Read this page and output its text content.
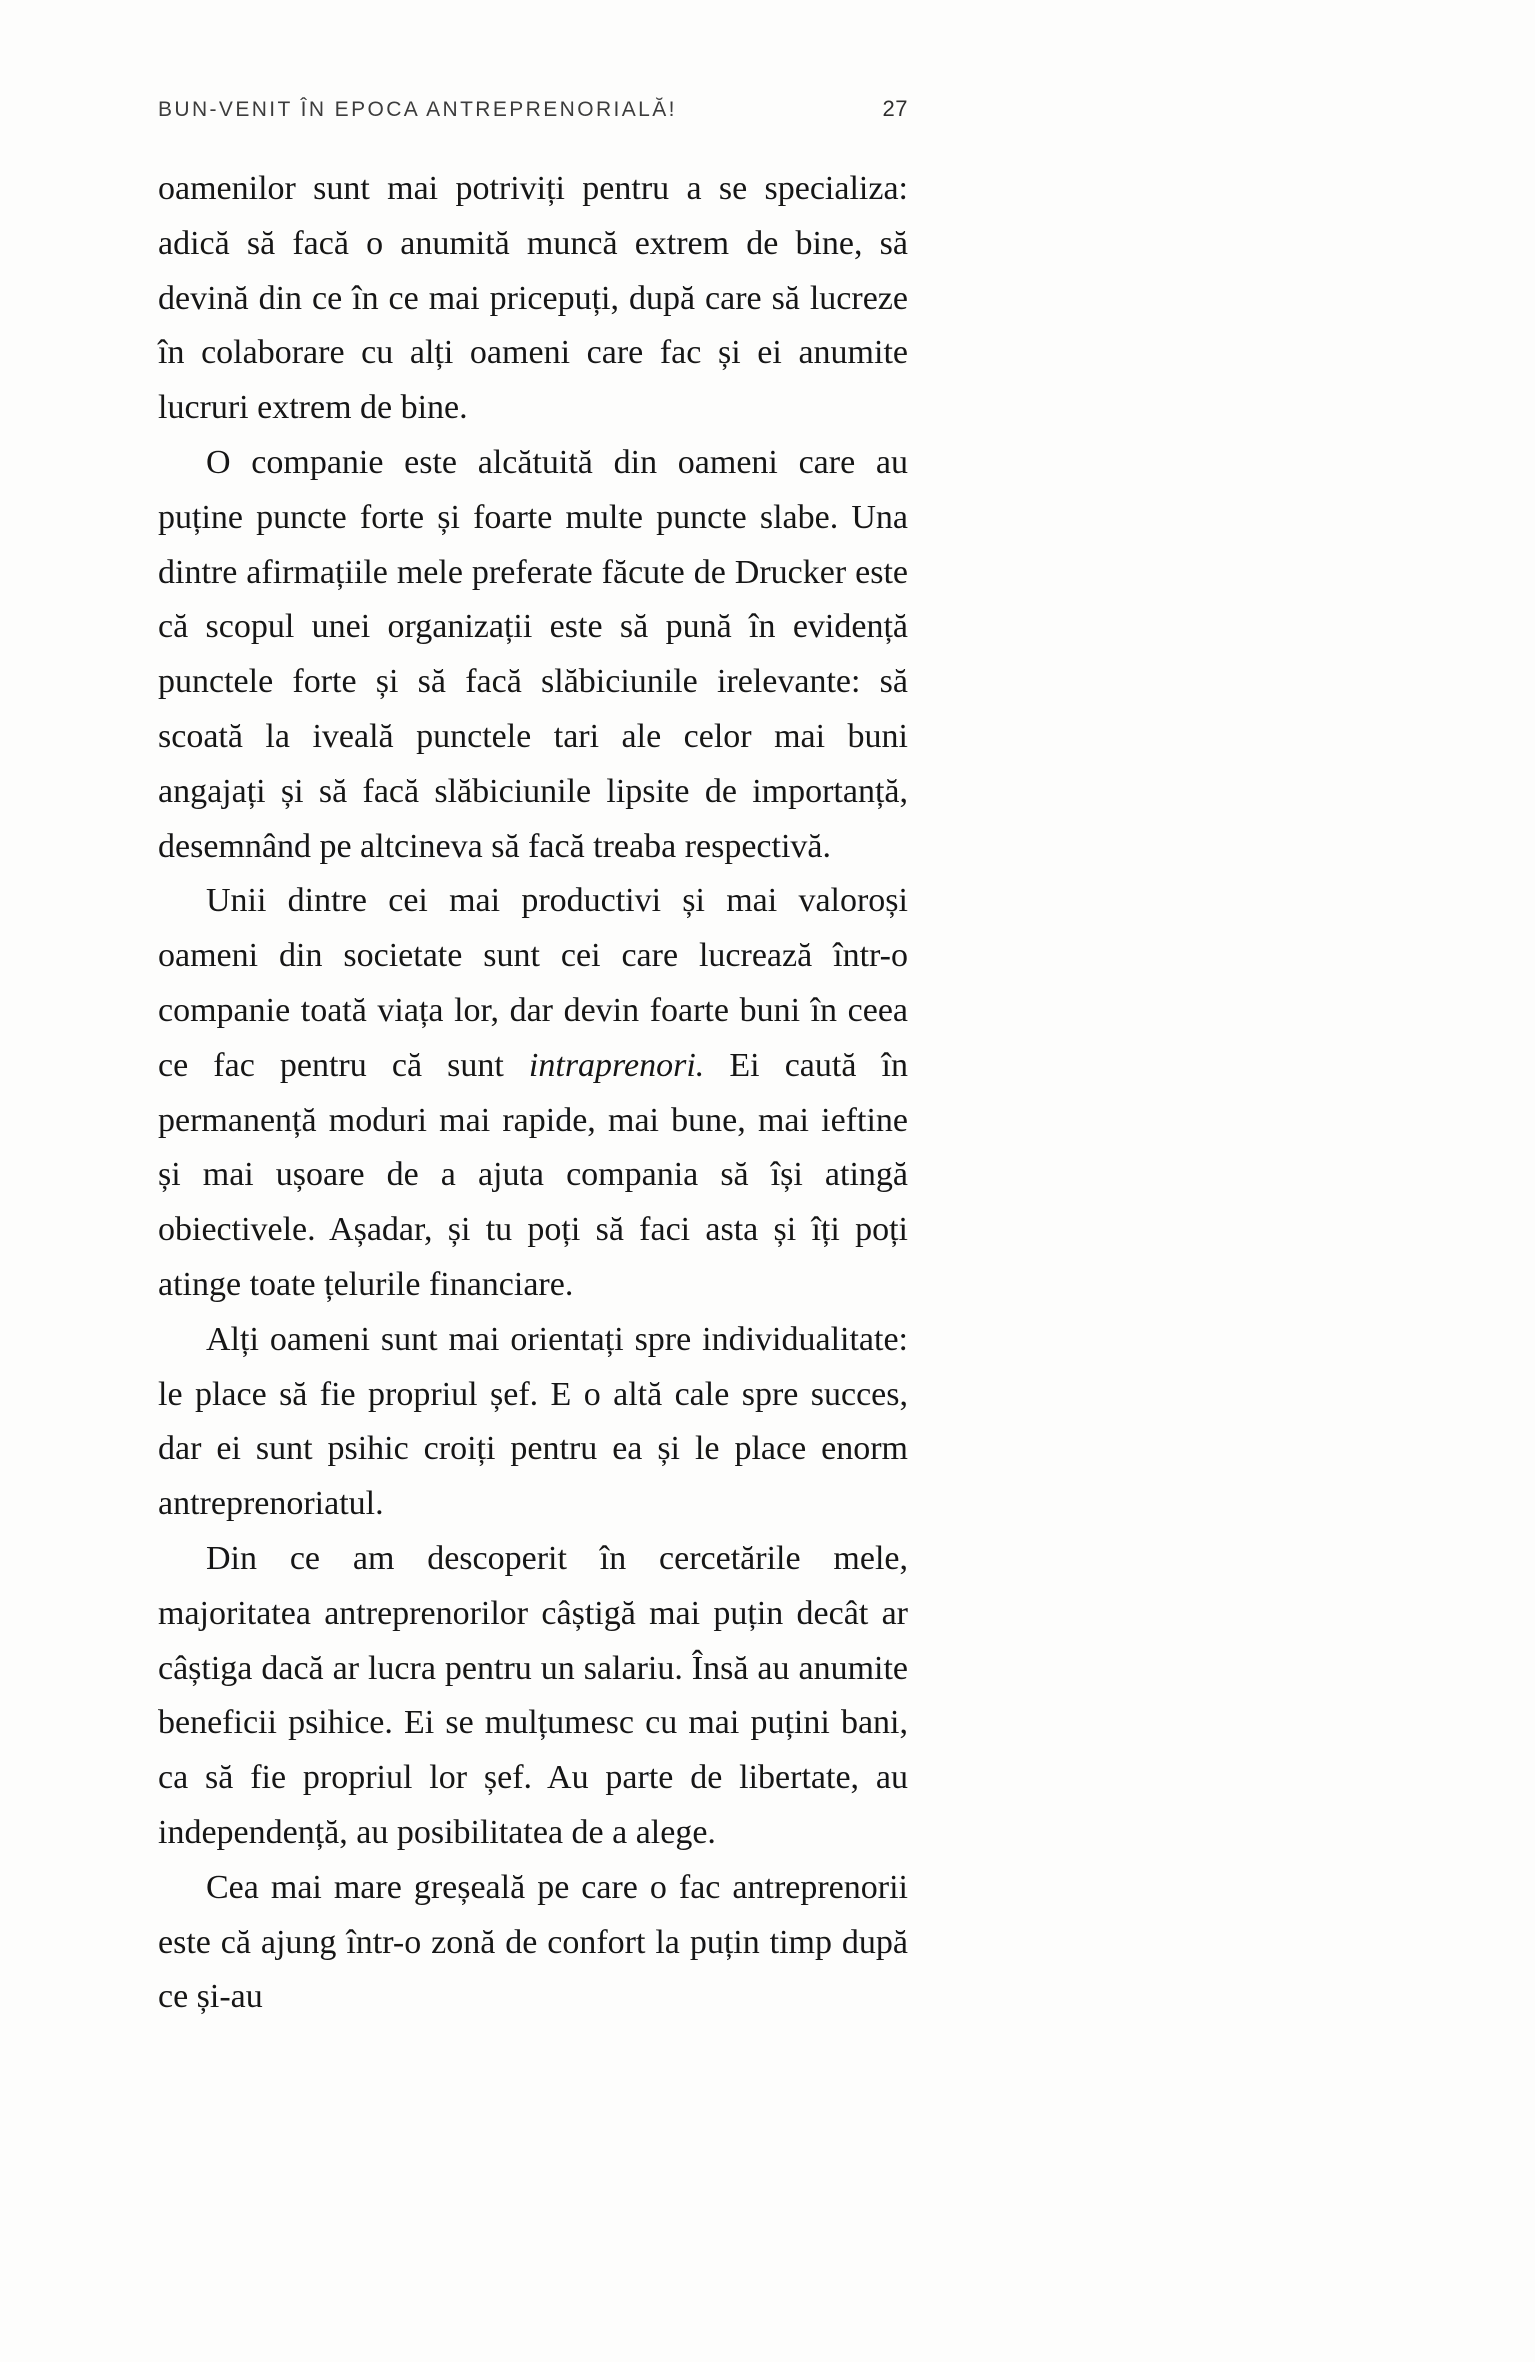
BUN-VENIT ÎN EPOCA ANTREPRENORIALĂ!	27

oamenilor sunt mai potriviți pentru a se specializa: adică să facă o anumită muncă extrem de bine, să devină din ce în ce mai pricepuți, după care să lucreze în colaborare cu alți oameni care fac și ei anumite lucruri extrem de bine.

O companie este alcătuită din oameni care au puține puncte forte și foarte multe puncte slabe. Una dintre afirmațiile mele preferate făcute de Drucker este că scopul unei organizații este să pună în evidență punctele forte și să facă slăbiciunile irelevante: să scoată la iveală punctele tari ale celor mai buni angajați și să facă slăbiciunile lipsite de importanță, desemnând pe altcineva să facă treaba respectivă.

Unii dintre cei mai productivi și mai valoroși oameni din societate sunt cei care lucrează într-o companie toată viața lor, dar devin foarte buni în ceea ce fac pentru că sunt intraprenori. Ei caută în permanență moduri mai rapide, mai bune, mai ieftine și mai ușoare de a ajuta compania să își atingă obiectivele. Așadar, și tu poți să faci asta și îți poți atinge toate țelurile financiare.

Alți oameni sunt mai orientați spre individualitate: le place să fie propriul șef. E o altă cale spre succes, dar ei sunt psihic croiți pentru ea și le place enorm antreprenoriatul.

Din ce am descoperit în cercetările mele, majoritatea antreprenorilor câștigă mai puțin decât ar câștiga dacă ar lucra pentru un salariu. Însă au anumite beneficii psihice. Ei se mulțumesc cu mai puțini bani, ca să fie propriul lor șef. Au parte de libertate, au independență, au posibilitatea de a alege.

Cea mai mare greșeală pe care o fac antreprenorii este că ajung într-o zonă de confort la puțin timp după ce și-au
